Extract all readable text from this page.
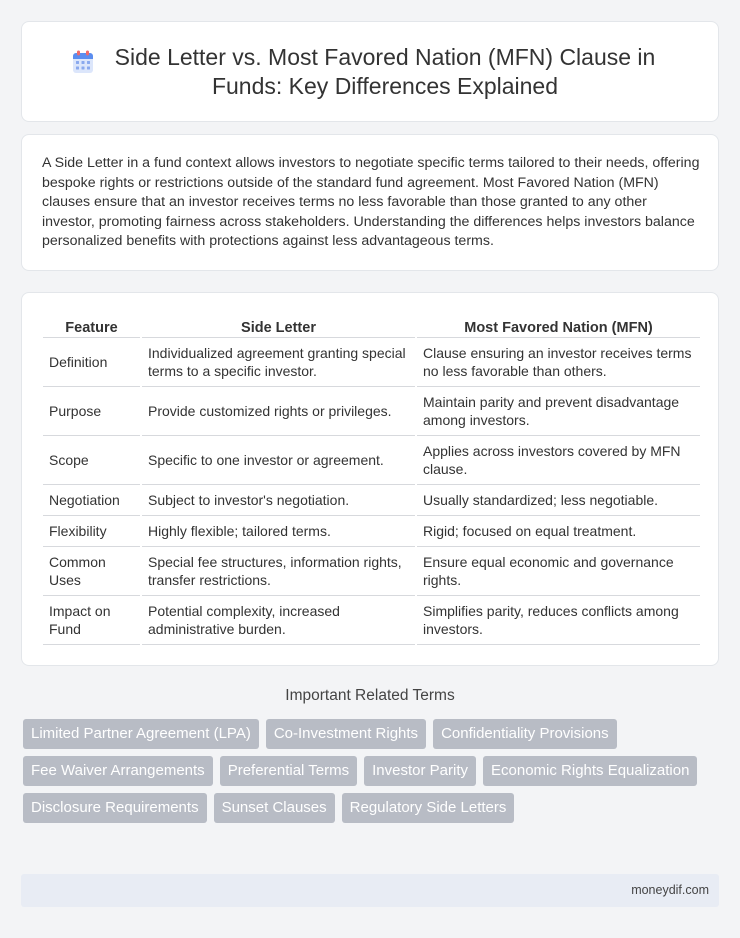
Side Letter vs. Most Favored Nation (MFN) Clause in Funds: Key Differences Explained

A Side Letter in a fund context allows investors to negotiate specific terms tailored to their needs, offering bespoke rights or restrictions outside of the standard fund agreement. Most Favored Nation (MFN) clauses ensure that an investor receives terms no less favorable than those granted to any other investor, promoting fairness across stakeholders. Understanding the differences helps investors balance personalized benefits with protections against less advantageous terms.

Feature	Side Letter	Most Favored Nation (MFN)
Definition	Individualized agreement granting special terms to a specific investor.	Clause ensuring an investor receives terms no less favorable than others.
Purpose	Provide customized rights or privileges.	Maintain parity and prevent disadvantage among investors.
Scope	Specific to one investor or agreement.	Applies across investors covered by MFN clause.
Negotiation	Subject to investor's negotiation.	Usually standardized; less negotiable.
Flexibility	Highly flexible; tailored terms.	Rigid; focused on equal treatment.
Common Uses	Special fee structures, information rights, transfer restrictions.	Ensure equal economic and governance rights.
Impact on Fund	Potential complexity, increased administrative burden.	Simplifies parity, reduces conflicts among investors.
Important Related Terms
Limited Partner Agreement (LPA)	Co-Investment Rights	Confidentiality Provisions
Fee Waiver Arrangements	Preferential Terms	Investor Parity	Economic Rights Equalization
Disclosure Requirements	Sunset Clauses	Regulatory Side Letters
moneydif.com
